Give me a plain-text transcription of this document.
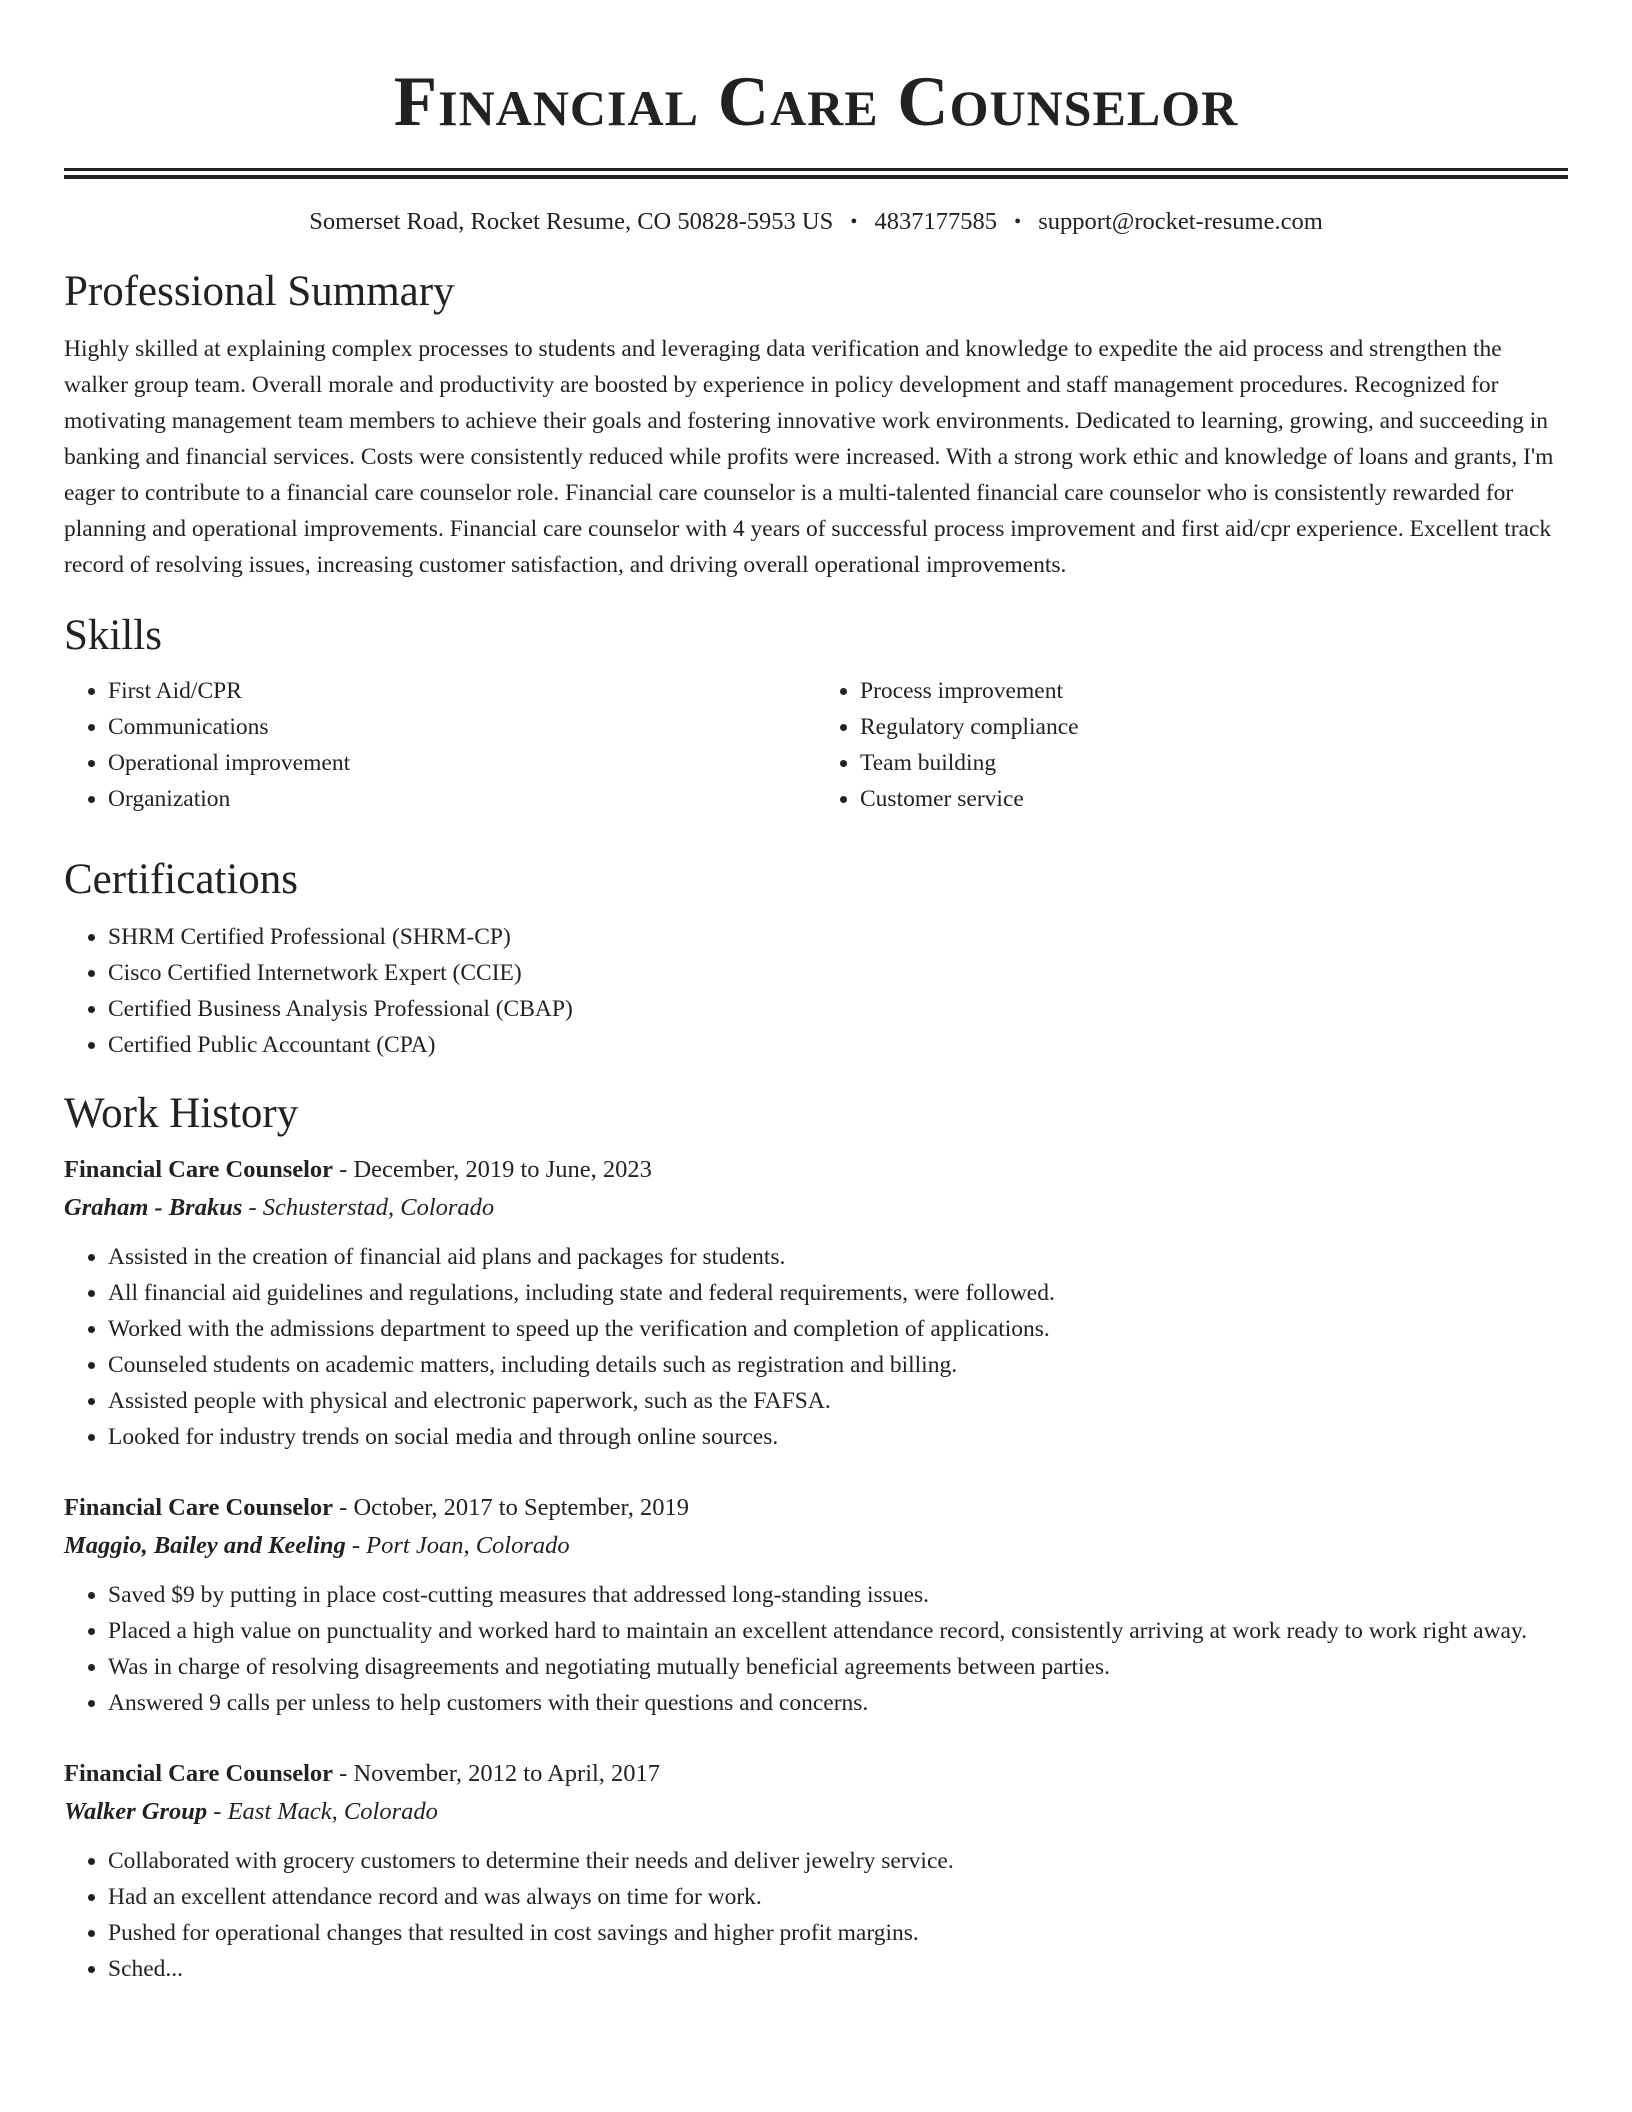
Financial Care Counselor
Somerset Road, Rocket Resume, CO 50828-5953 US • 4837177585 • support@rocket-resume.com
Professional Summary

Highly skilled at explaining complex processes to students and leveraging data verification and knowledge to expedite the aid process and strengthen the walker group team. Overall morale and productivity are boosted by experience in policy development and staff management procedures. Recognized for motivating management team members to achieve their goals and fostering innovative work environments. Dedicated to learning, growing, and succeeding in banking and financial services. Costs were consistently reduced while profits were increased. With a strong work ethic and knowledge of loans and grants, I'm eager to contribute to a financial care counselor role. Financial care counselor is a multi-talented financial care counselor who is consistently rewarded for planning and operational improvements. Financial care counselor with 4 years of successful process improvement and first aid/cpr experience. Excellent track record of resolving issues, increasing customer satisfaction, and driving overall operational improvements.

Skills
• First Aid/CPR
• Communications
• Operational improvement
• Organization
• Process improvement
• Regulatory compliance
• Team building
• Customer service
Certifications
• SHRM Certified Professional (SHRM-CP)
• Cisco Certified Internetwork Expert (CCIE)
• Certified Business Analysis Professional (CBAP)
• Certified Public Accountant (CPA)
Work History
Financial Care Counselor - December, 2019 to June, 2023
Graham - Brakus - Schusterstad, Colorado
• Assisted in the creation of financial aid plans and packages for students.
• All financial aid guidelines and regulations, including state and federal requirements, were followed.
• Worked with the admissions department to speed up the verification and completion of applications.
• Counseled students on academic matters, including details such as registration and billing.
• Assisted people with physical and electronic paperwork, such as the FAFSA.
• Looked for industry trends on social media and through online sources.
Financial Care Counselor - October, 2017 to September, 2019
Maggio, Bailey and Keeling - Port Joan, Colorado
• Saved $9 by putting in place cost-cutting measures that addressed long-standing issues.
• Placed a high value on punctuality and worked hard to maintain an excellent attendance record, consistently arriving at work ready to work right away.
• Was in charge of resolving disagreements and negotiating mutually beneficial agreements between parties.
• Answered 9 calls per unless to help customers with their questions and concerns.
Financial Care Counselor - November, 2012 to April, 2017
Walker Group - East Mack, Colorado
• Collaborated with grocery customers to determine their needs and deliver jewelry service.
• Had an excellent attendance record and was always on time for work.
• Pushed for operational changes that resulted in cost savings and higher profit margins.
• Sched...
